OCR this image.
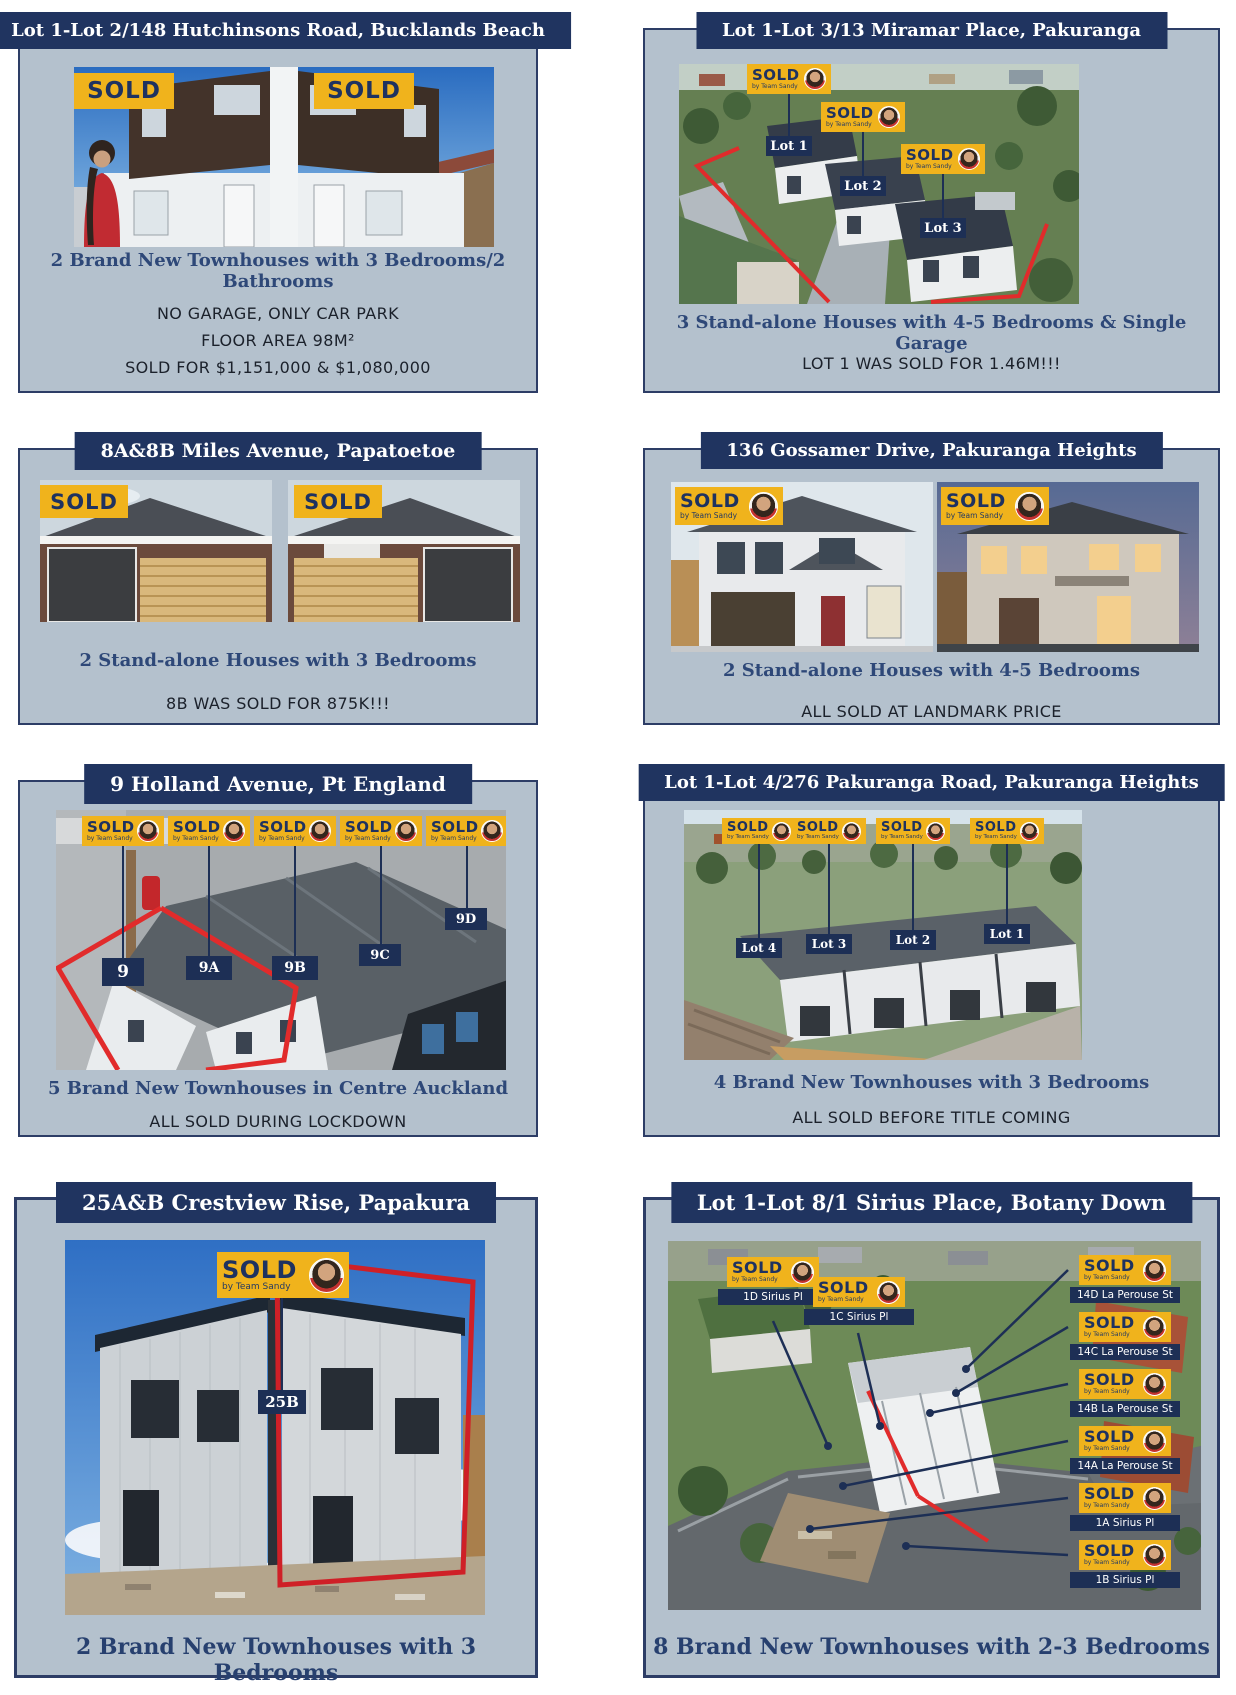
Lot 1-Lot 2/148 Hutchinsons Road, Bucklands Beach
SOLD	SOLD
2 Brand New Townhouses with 3 Bedrooms/2 Bathrooms
NO GARAGE, ONLY CAR PARK
FLOOR AREA 98M²
SOLD FOR $1,151,000 & $1,080,000
Lot 1-Lot 3/13 Miramar Place, Pakuranga
SOLD
by Team Sandy
SOLD
by Team Sandy
SOLD
by Team Sandy
Lot 1
Lot 2
Lot 3
3 Stand-alone Houses with 4-5 Bedrooms & Single Garage
LOT 1 WAS SOLD FOR 1.46M!!!
8A&8B Miles Avenue, Papatoetoe
SOLD	SOLD
2 Stand-alone Houses with 3 Bedrooms
8B WAS SOLD FOR 875K!!!
136 Gossamer Drive, Pakuranga Heights
SOLD
by Team Sandy
SOLD
by Team Sandy
2 Stand-alone Houses with 4-5 Bedrooms
ALL SOLD AT LANDMARK PRICE
9 Holland Avenue, Pt England
SOLD
by Team Sandy
SOLD
by Team Sandy
SOLD
by Team Sandy
SOLD
by Team Sandy
SOLD
by Team Sandy
9	9A	9B
9C
9D
5 Brand New Townhouses in Centre Auckland
ALL SOLD DURING LOCKDOWN
Lot 1-Lot 4/276 Pakuranga Road, Pakuranga Heights
SOLD
by Team Sandy
SOLD
by Team Sandy
SOLD
by Team Sandy
SOLD
by Team Sandy
Lot 4	Lot 3	Lot 2	Lot 1
4 Brand New Townhouses with 3 Bedrooms
ALL SOLD BEFORE TITLE COMING
25A&B Crestview Rise, Papakura
SOLD
by Team Sandy
25B
2 Brand New Townhouses with 3 Bedrooms
Lot 1-Lot 8/1 Sirius Place, Botany Down
SOLD
by Team Sandy
1D Sirius Pl SOLD
by Team Sandy
1C Sirius Pl
SOLD
by Team Sandy
14D La Perouse St
SOLD
by Team Sandy
14C La Perouse St
SOLD
by Team Sandy
14B La Perouse St
SOLD
by Team Sandy
14A La Perouse St
SOLD
by Team Sandy
1A Sirius Pl
SOLD
by Team Sandy
1B Sirius Pl
8 Brand New Townhouses with 2-3 Bedrooms
